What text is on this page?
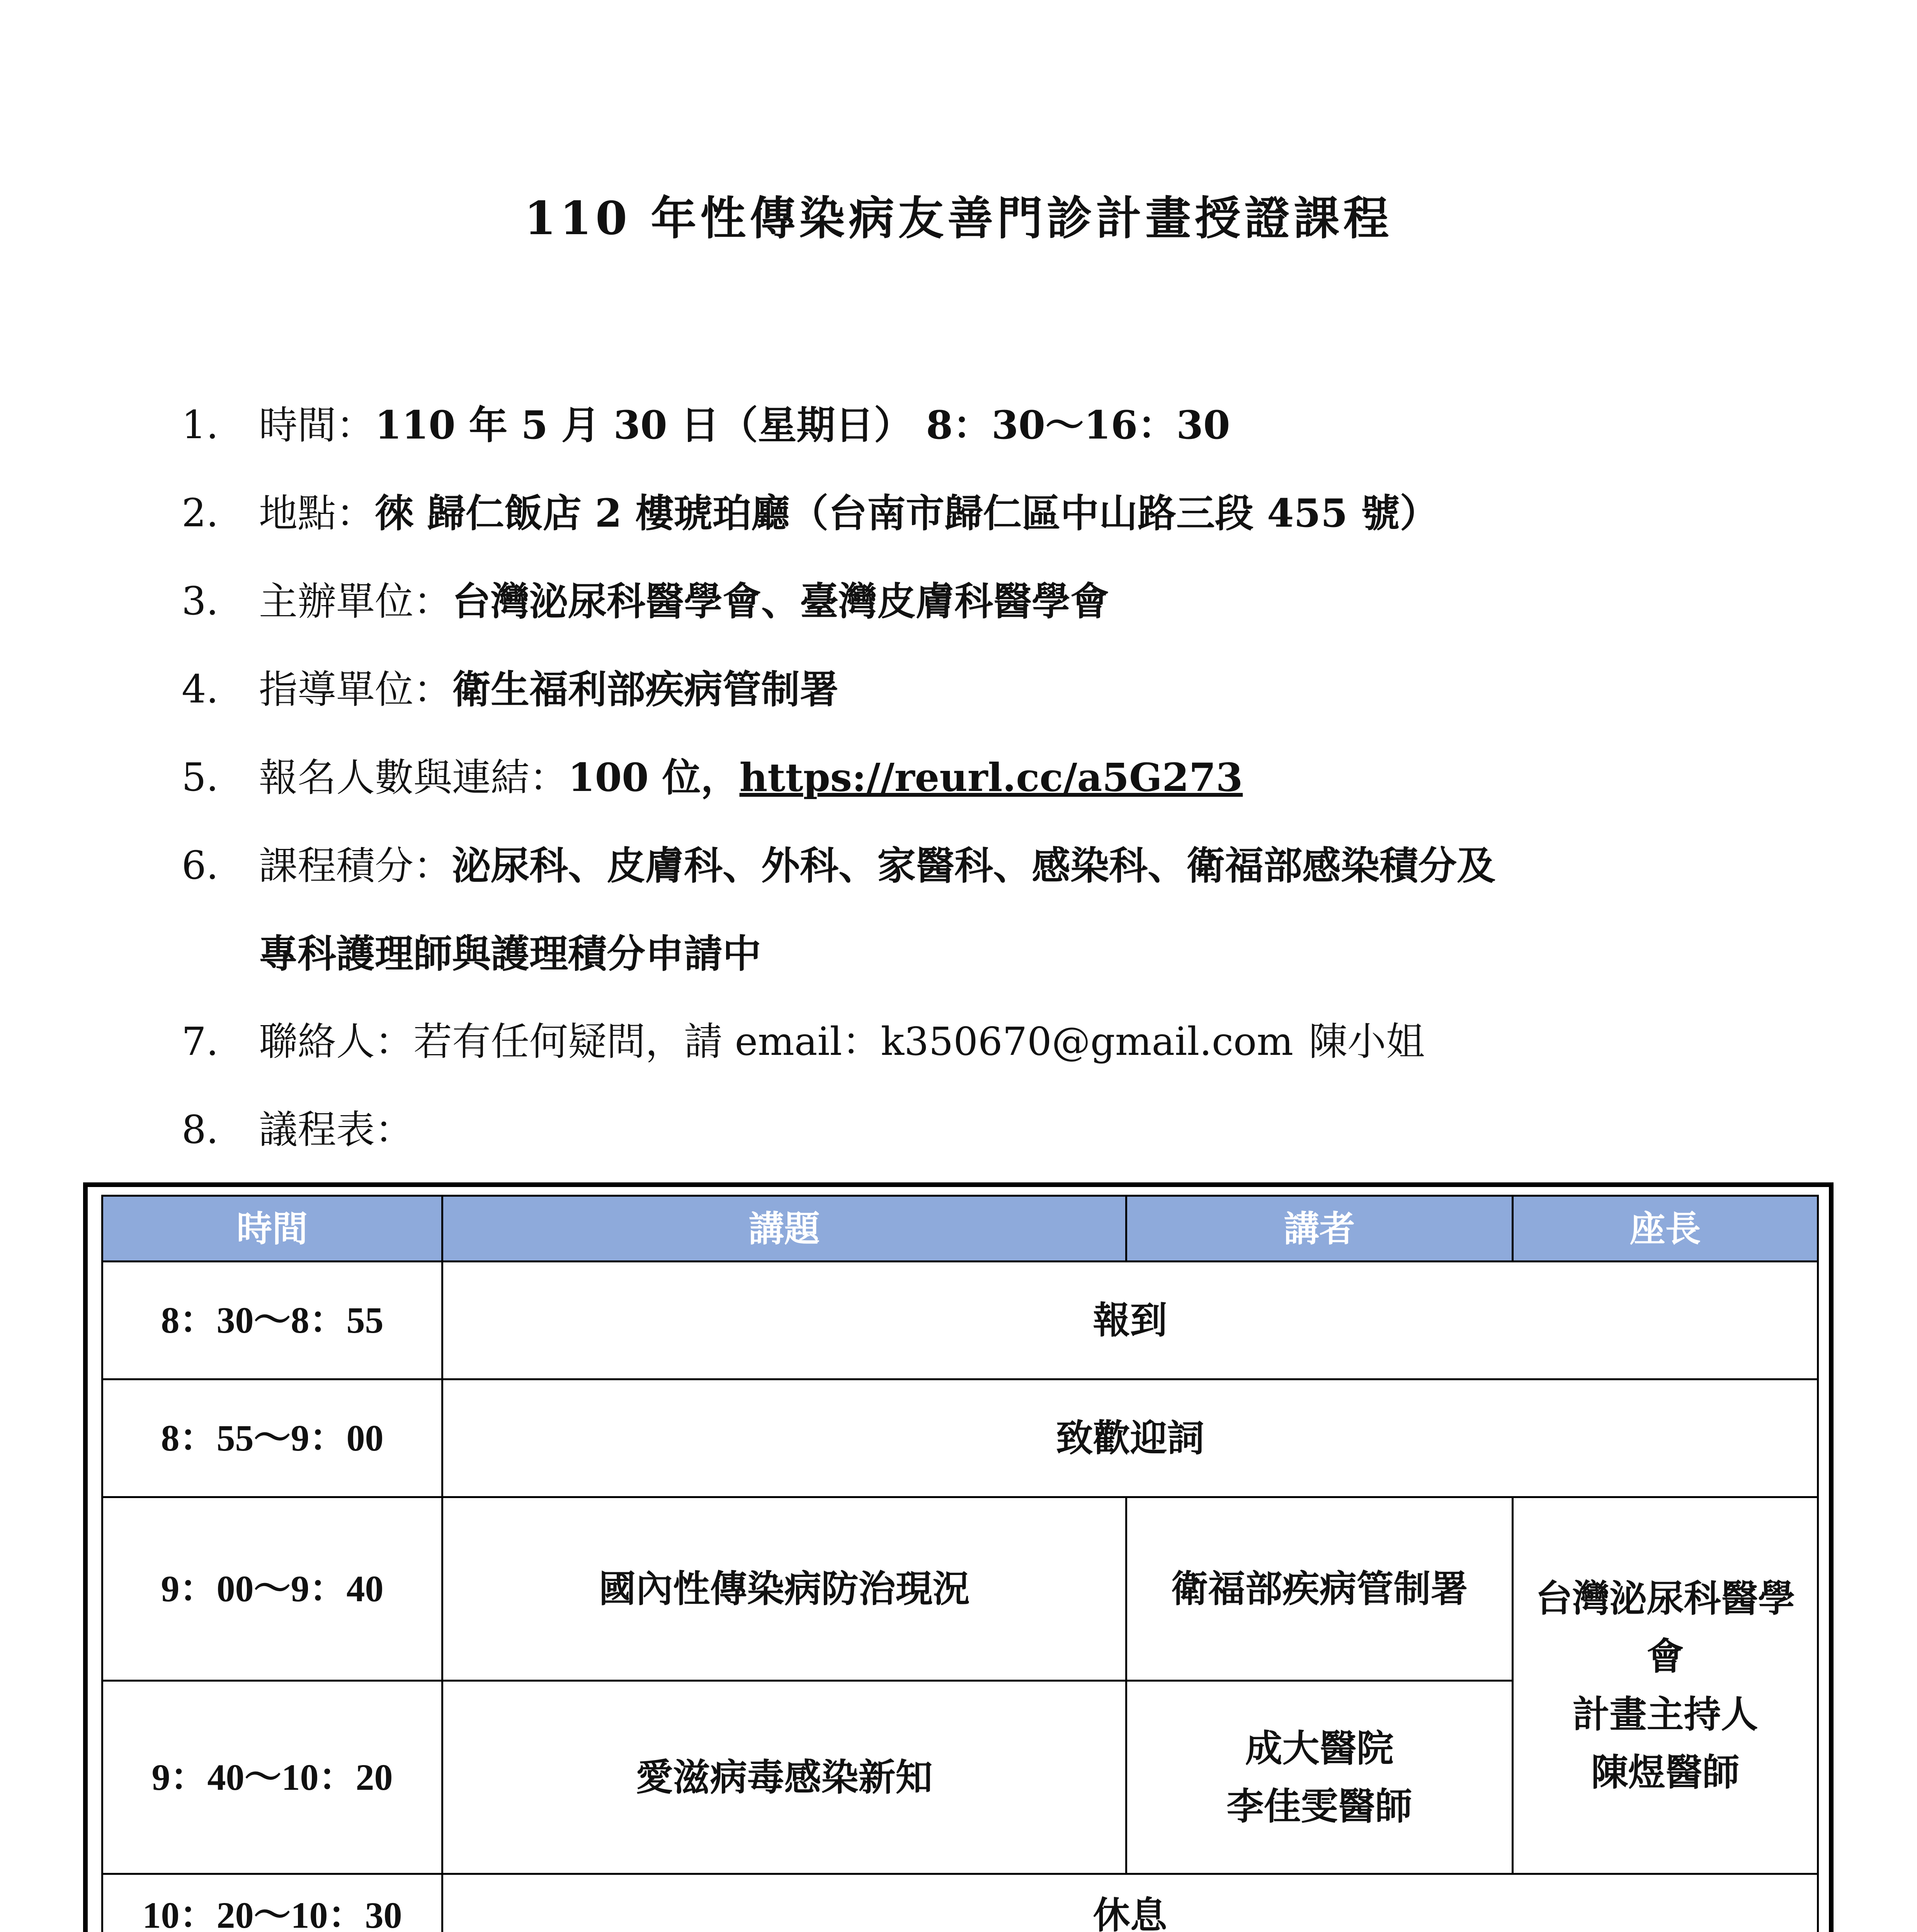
110 年性傳染病友善門診計畫授證課程
1.	時間：110 年 5 月 30 日（星期日） 8：30～16：30
2.	地點：徠 歸仁飯店 2 樓琥珀廳（台南市歸仁區中山路三段 455 號）
3.	主辦單位：台灣泌尿科醫學會、臺灣皮膚科醫學會
4.	指導單位：衛生福利部疾病管制署
5.	報名人數與連結：100 位，https://reurl.cc/a5G273
6.	課程積分：泌尿科、皮膚科、外科、家醫科、感染科、衛福部感染積分及
專科護理師與護理積分申請中
7.	聯絡人：若有任何疑問，請 email：k350670@gmail.com 陳小姐
8.	議程表：
時間	講題	講者	座長
8：30～8：55	報到		
8：55～9：00	致歡迎詞		
9：00～9：40	國內性傳染病防治現況	衛福部疾病管制署	台灣泌尿科醫學會
計畫主持人
陳煜醫師

9：40～10：20	愛滋病毒感染新知	成大醫院
李佳雯醫師	

10：20～10：30	休息		
